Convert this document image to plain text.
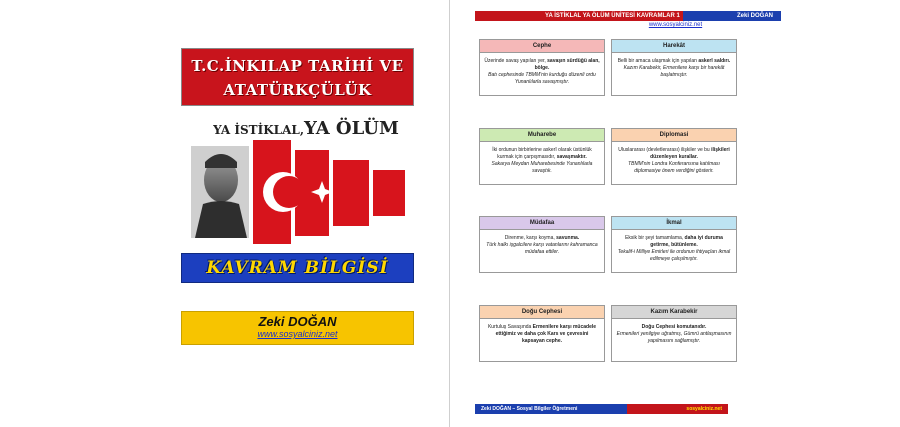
T.C.İNKILAP TARİHİ VE
ATATÜRKÇÜLÜK
YA İSTİKLAL,YA ÖLÜM
KAVRAM BİLGİSİ
Zeki DOĞAN
www.sosyalciniz.net
YA İSTİKLAL YA ÖLÜM ÜNİTESİ KAVRAMLAR 1	Zeki DOĞAN
www.sosyalciniz.net
Cephe
Üzerinde savaş yapılan yer, savaşın sürdüğü alan, bölge.
Batı cephesinde TBMM'nin kurduğu düzenli ordu Yunanlılarla savaşmıştır.
Harekât
Belli bir amaca ulaşmak için yapılan askerî saldırı.
Kazım Karabekir, Ermenilere karşı bir harekât başlatmıştır.
Muharebe
İki ordunun birbirlerine askerî olarak üstünlük kurmak için çarpışmasıdır, savaşmaktır.
Sakarya Meydan Muharebesinde Yunanlılarla savaştık.
Diplomasi
Uluslararası (devletlerarası) ilişkiler ve bu ilişkileri düzenleyen kurallar.
TBMM'nin Londra Konferansına katılması diplomasiye önem verdiğini gösterir.
Müdafaa
Direnme, karşı koyma, savunma.
Türk halkı işgalcilere karşı vatanlarını kahramanca müdafaa ettiler.
İkmal
Eksik bir şeyi tamamlama, daha iyi duruma getirme, bütünleme.
Tekalif-i Milliye Emirleri ile ordunun ihtiyaçları ikmal edilmeye çalışılmıştır.
Doğu Cephesi
Kurtuluş Savaşında Ermenilere karşı mücadele ettiğimiz ve daha çok Kars ve çevresini kapsayan cephe.
Kazım Karabekir
Doğu Cephesi komutanıdır.
Ermenileri yenilgiye uğratmış, Gümrü antlaşmasının yapılmasını sağlamıştır.
Zeki DOĞAN – Sosyal Bilgiler Öğretmeni	sosyalciniz.net
